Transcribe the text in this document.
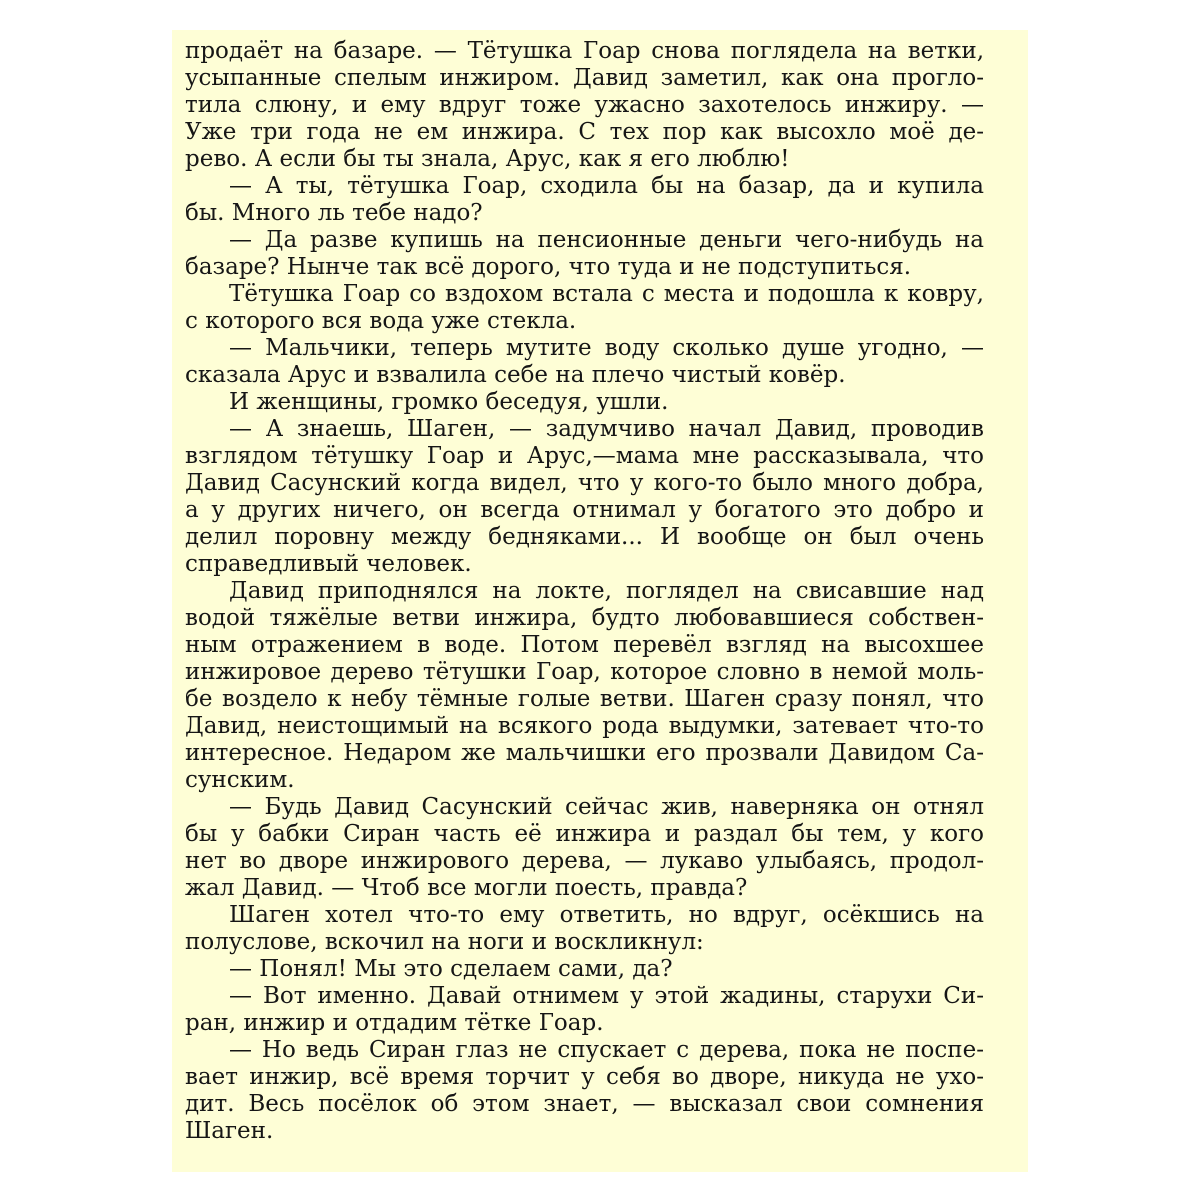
продаёт на базаре. — Тётушка Гоар снова поглядела на ветки,
усыпанные спелым инжиром. Давид заметил, как она прогло-
тила слюну, и ему вдруг тоже ужасно захотелось инжиру. —
Уже три года не ем инжира. С тех пор как высохло моё де-
рево. А если бы ты знала, Арус, как я его люблю!
— А ты, тётушка Гоар, сходила бы на базар, да и купила
бы. Много ль тебе надо?
— Да разве купишь на пенсионные деньги чего-нибудь на
базаре? Нынче так всё дорого, что туда и не подступиться.
Тётушка Гоар со вздохом встала с места и подошла к ковру,
с которого вся вода уже стекла.
— Мальчики, теперь мутите воду сколько душе угодно, —
сказала Арус и взвалила себе на плечо чистый ковёр.
И женщины, громко беседуя, ушли.
— А знаешь, Шаген, — задумчиво начал Давид, проводив
взглядом тётушку Гоар и Арус,—мама мне рассказывала, что
Давид Сасунский когда видел, что у кого-то было много добра,
а у других ничего, он всегда отнимал у богатого это добро и
делил поровну между бедняками... И вообще он был очень
справедливый человек.
Давид приподнялся на локте, поглядел на свисавшие над
водой тяжёлые ветви инжира, будто любовавшиеся собствен-
ным отражением в воде. Потом перевёл взгляд на высохшее
инжировое дерево тётушки Гоар, которое словно в немой моль-
бе воздело к небу тёмные голые ветви. Шаген сразу понял, что
Давид, неистощимый на всякого рода выдумки, затевает что-то
интересное. Недаром же мальчишки его прозвали Давидом Са-
сунским.
— Будь Давид Сасунский сейчас жив, наверняка он отнял
бы у бабки Сиран часть её инжира и раздал бы тем, у кого
нет во дворе инжирового дерева, — лукаво улыбаясь, продол-
жал Давид. — Чтоб все могли поесть, правда?
Шаген хотел что-то ему ответить, но вдруг, осёкшись на
полуслове, вскочил на ноги и воскликнул:
— Понял! Мы это сделаем сами, да?
— Вот именно. Давай отнимем у этой жадины, старухи Си-
ран, инжир и отдадим тётке Гоар.
— Но ведь Сиран глаз не спускает с дерева, пока не поспе-
вает инжир, всё время торчит у себя во дворе, никуда не ухо-
дит. Весь посёлок об этом знает, — высказал свои сомнения
Шаген.
